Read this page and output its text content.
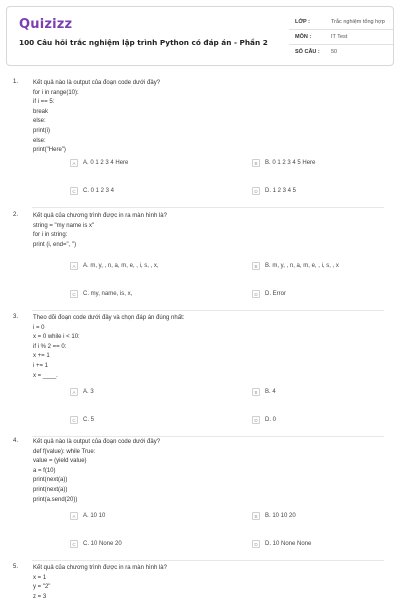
Quizizz
100 Câu hỏi trắc nghiệm lập trình Python có đáp án - Phần 2
LỚP :	Trắc nghiệm tổng hợp
MÔN :	IT Test
SỐ CÂU : 50
1. Kết quả nào là output của đoạn code dưới đây?
for i in range(10):
if i == 5:
break
else:
print(i)
else:
print("Here")
A	A. 0 1 2 3 4 Here	B	B. 0 1 2 3 4 5 Here
C	C. 0 1 2 3 4	D	D. 1 2 3 4 5
2. Kết quả của chương trình được in ra màn hình là?
string = "my name is x"
for i in string:
print (i, end=", ")
A	A. m, y, , n, a, m, e, , i, s, , x,	B	B. m, y, , n, a, m, e, , i, s, , x
C	C. my, name, is, x,	D	D. Error
3. Theo dõi đoạn code dưới đây và chọn đáp án đúng nhất:
i = 0
x = 0 while i < 10:
if i % 2 == 0:
x += 1
i += 1
x = ____.
A	A. 3	B	B. 4
C	C. 5	D	D. 0
4. Kết quả nào là output của đoạn code dưới đây?
def f(value): while True:
value = (yield value)
a = f(10)
print(next(a))
print(next(a))
print(a.send(20))
A	A. 10 10	B	B. 10 10 20
C	C. 10 None 20	D	D. 10 None None
5. Kết quả của chương trình được in ra màn hình là?
x = 1
y = "2"
z = 3
